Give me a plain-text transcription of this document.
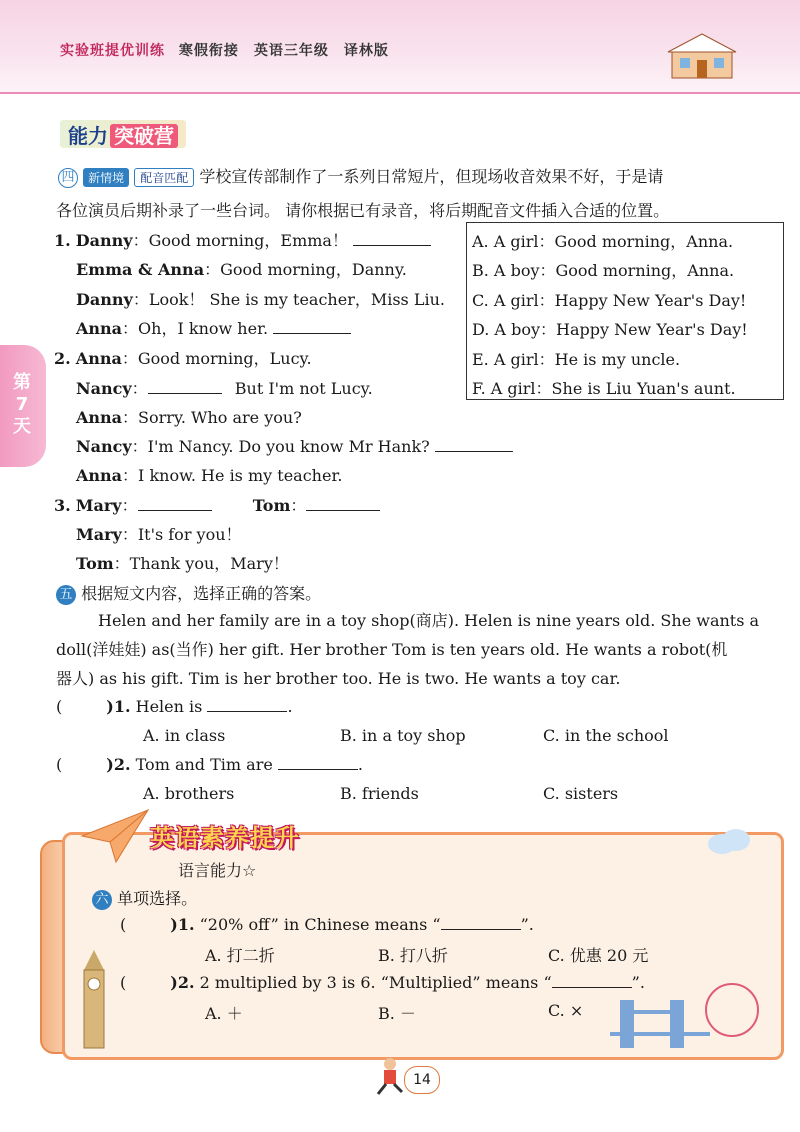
实验班提优训练 寒假衔接　英语三年级　译林版
第7天
能力 突破营
四 新情境 配音匹配 学校宣传部制作了一系列日常短片，但现场收音效果不好，于是请
各位演员后期补录了一些台词。 请你根据已有录音，将后期配音文件插入合适的位置。
1. Danny：Good morning，Emma！
Emma & Anna：Good morning，Danny.
Danny：Look！ She is my teacher，Miss Liu.
Anna：Oh，I know her.
2. Anna：Good morning，Lucy.
Nancy：	But I'm not Lucy.
Anna：Sorry. Who are you?
Nancy：I'm Nancy. Do you know Mr Hank?
Anna：I know. He is my teacher.
3. Mary：	Tom：
Mary：It's for you！
Tom：Thank you，Mary！
A. A girl：Good morning，Anna.
B. A boy：Good morning，Anna.
C. A girl：Happy New Year's Day!
D. A boy：Happy New Year's Day!
E. A girl：He is my uncle.
F. A girl：She is Liu Yuan's aunt.
五 根据短文内容，选择正确的答案。
Helen and her family are in a toy shop(商店). Helen is nine years old. She wants a
doll(洋娃娃) as(当作) her gift. Her brother Tom is ten years old. He wants a robot(机
器人) as his gift. Tim is her brother too. He is two. He wants a toy car.
(	)1. Helen is	.
A. in class	B. in a toy shop	C. in the school
(	)2. Tom and Tim are	.
A. brothers	B. friends	C. sisters
英语素养提升
语言能力☆
六 单项选择。
(	)1. “20% off” in Chinese means “	”.
A. 打二折	B. 打八折	C. 优惠 20 元
(	)2. 2 multiplied by 3 is 6. “Multiplied” means “	”.
A. ＋	B. －	C. ×
14
